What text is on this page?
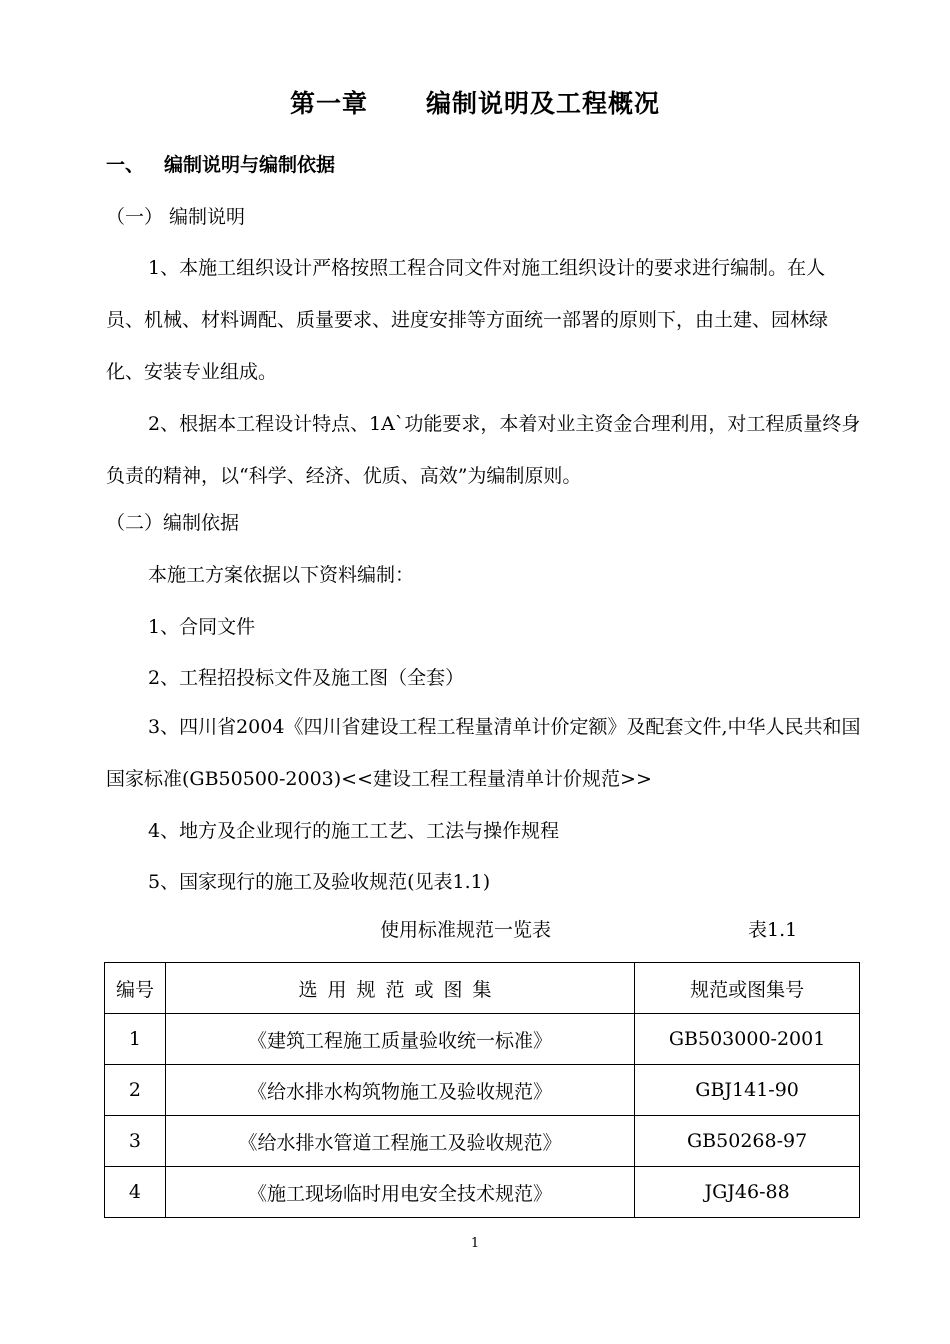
第一章 编制说明及工程概况
一、 编制说明与编制依据
（一） 编制说明
1、本施工组织设计严格按照工程合同文件对施工组织设计的要求进行编制。在人员、机械、材料调配、质量要求、进度安排等方面统一部署的原则下，由土建、园林绿化、安装专业组成。
2、根据本工程设计特点、1A`功能要求，本着对业主资金合理利用，对工程质量终身负责的精神，以“科学、经济、优质、高效”为编制原则。
（二）编制依据
本施工方案依据以下资料编制：
1、合同文件
2、工程招投标文件及施工图（全套）
3、四川省2004《四川省建设工程工程量清单计价定额》及配套文件,中华人民共和国国家标准(GB50500-2003)<<建设工程工程量清单计价规范>>
4、地方及企业现行的施工工艺、工法与操作规程
5、国家现行的施工及验收规范(见表1.1)
使用标准规范一览表	表1.1
编号	选用规范或图集	规范或图集号
1	《建筑工程施工质量验收统一标准》	GB503000-2001
2	《给水排水构筑物施工及验收规范》	GBJ141-90
3	《给水排水管道工程施工及验收规范》	GB50268-97
4	《施工现场临时用电安全技术规范》	JGJ46-88
1
